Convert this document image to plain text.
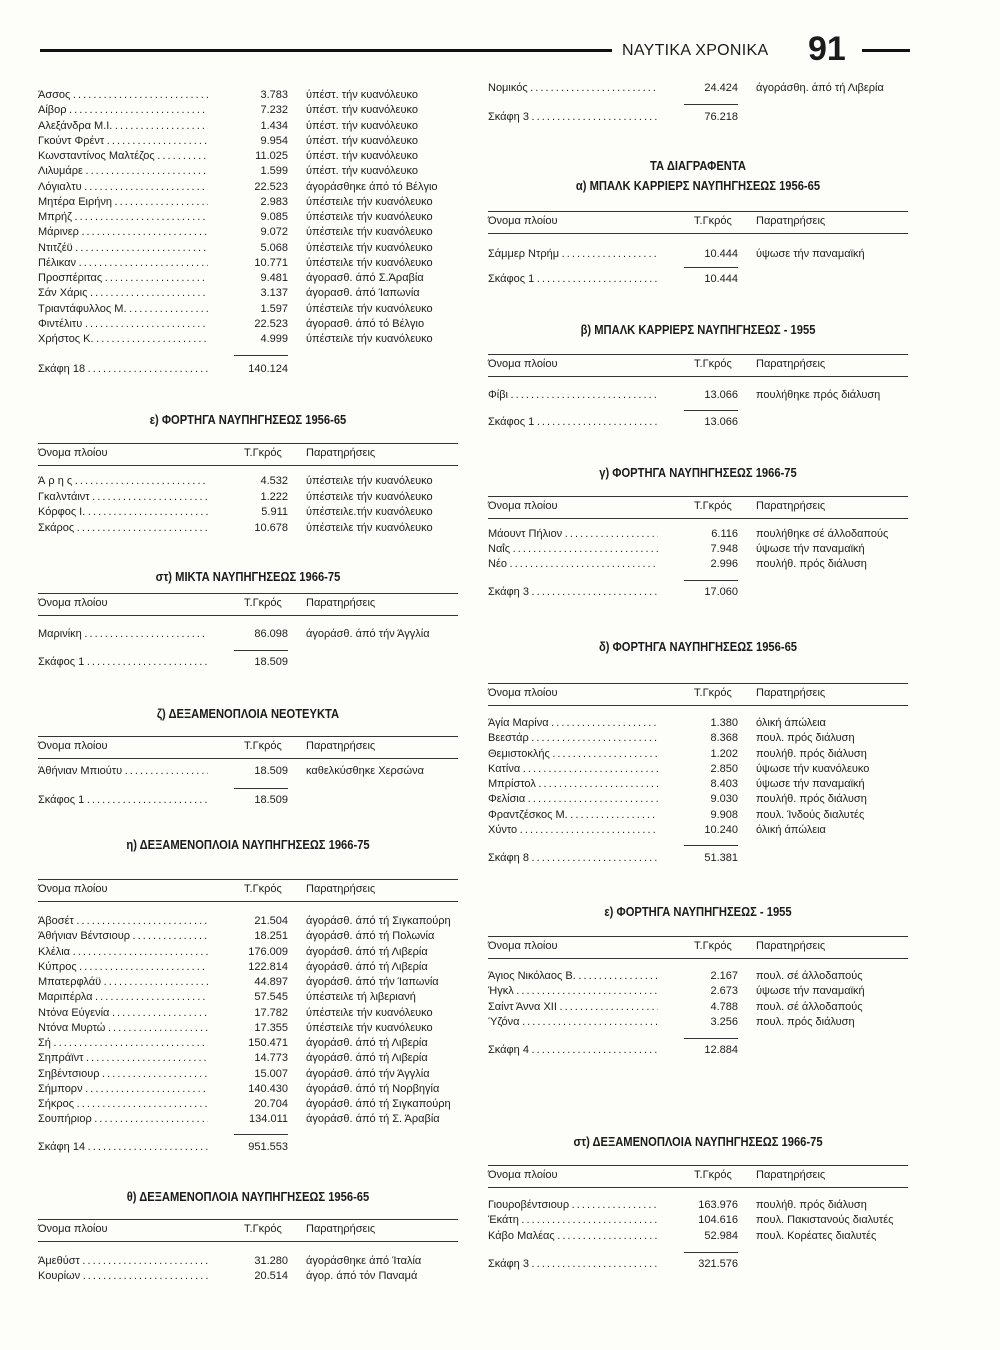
ΝΑΥΤΙΚΑ ΧΡΟΝΙΚΑ 91
Άσσος . . .	3.783 ύπέστ. τήν κυανόλευκο
Αίβορ . . .	7.232 ύπέστ. τήν κυανόλευκο
Αλεξάνδρα Μ.Ι. . . .	1.434 ύπέστ. τήν κυανόλευκο
Γκούντ Φρέντ . . .	9.954 ύπέστ. τήν κυανόλευκο
Κωνσταντίνος Μαλτέζος . . .	11.025 ύπέστ. τήν κυανόλευκο
Λιλυμάρε . . .	1.599 ύπέστ. τήν κυανόλευκο
Λόγιαλτυ . . .	22.523 άγοράσθηκε άπό τό Βέλγιο
Μητέρα Ειρήνη . . .	2.983 ύπέστειλε τήν κυανόλευκο
Μπρήζ . . .	9.085 ύπέστειλε τήν κυανόλευκο
Μάρινερ . . .	9.072 ύπέστειλε τήν κυανόλευκο
Ντιτζέϋ . . .	5.068 ύπέστειλε τήν κυανόλευκο
Πέλικαν . . .	10.771 ύπέστειλε τήν κυανόλευκο
Προσπέριτας . . .	9.481 άγορασθ. άπό Σ.Άραβία
Σάν Χάρις . . .	3.137 άγορασθ. άπό Ίαπωνία
Τριαντάφυλλος Μ. . . .	1.597 ύπέστειλε τήν κυανόλευκο
Φιντέλιτυ . . .	22.523 άγορασθ. άπό τό Βέλγιο
Χρήστος Κ. . . .	4.999 ύπέστειλε τήν κυανόλευκο
Σκάφη 18 . . .	140.124
ε) ΦΟΡΤΗΓΑ ΝΑΥΠΗΓΗΣΕΩΣ 1956-65
Όνομα πλοίου	Τ.Γκρός Παρατηρήσεις
Ά ρ η ς . . .	4.532 ύπέστειλε τήν κυανόλευκο
Γκαλντάιντ . . .	1.222 ύπέστειλε τήν κυανόλευκο
Κόρφος Ι. . . .	5.911 ύπέστειλε.τήν κυανόλευκο
Σκάρος . . .	10.678 ύπέστειλε τήν κυανόλευκο
στ) ΜΙΚΤΑ ΝΑΥΠΗΓΗΣΕΩΣ 1966-75
Όνομα πλοίου	Τ.Γκρός Παρατηρήσεις
Μαρινίκη . . .	86.098 άγοράσθ. άπό τήν Άγγλία
Σκάφος 1 . . .	18.509
ζ) ΔΕΞΑΜΕΝΟΠΛΟΙΑ ΝΕΟΤΕΥΚΤΑ
Όνομα πλοίου	Τ.Γκρός Παρατηρήσεις
Άθήνιαν Μπιούτυ . . .	18.509 καθελκύσθηκε Χερσώνα
Σκάφος 1 . . .	18.509
η) ΔΕΞΑΜΕΝΟΠΛΟΙΑ ΝΑΥΠΗΓΗΣΕΩΣ 1966-75
Όνομα πλοίου	Τ.Γκρός Παρατηρήσεις
Άβοσέτ . . .	21.504 άγοράσθ. άπό τή Σιγκαπούρη
Άθήνιαν Βέντσιουρ . . .	18.251 άγοράσθ. άπό τή Πολωνία
Κλέλια . . .	176.009 άγοράσθ. άπό τή Λιβερία
Κύπρος . . .	122.814 άγοράσθ. άπό τή Λιβερία
Μπατερφλάϋ . . .	44.897 άγοράσθ. άπό τήν Ίαπωνία
Μαριπέρλα . . .	57.545 ύπέστειλε τή λιβεριανή
Ντόνα Εύγενία . . .	17.782 ύπέστειλε τήν κυανόλευκο
Ντόνα Μυρτώ . . .	17.355 ύπέστειλε τήν κυανόλευκο
Σή . . .	150.471 άγοράσθ. άπό τή Λιβερία
Σηπράϊντ . . .	14.773 άγοράσθ. άπό τή Λιβερία
Σηβέντσιουρ . . .	15.007 άγοράσθ. άπό τήν Άγγλία
Σήμπορν . . .	140.430 άγοράσθ. άπό τή Νορβηγία
Σήκρος . . .	20.704 άγοράσθ. άπό τή Σιγκαπούρη
Σουπήριορ . . .	134.011 άγοράσθ. άπό τή Σ. Άραβία
Σκάφη 14 . . .	951.553
θ) ΔΕΞΑΜΕΝΟΠΛΟΙΑ ΝΑΥΠΗΓΗΣΕΩΣ 1956-65
Όνομα πλοίου	Τ.Γκρός Παρατηρήσεις
Άμεθύστ . . .	31.280 άγοράσθηκε άπό Ίταλία
Κουρίων . . .	20.514 άγορ. άπό τόν Παναμά
Νομικός . . .	24.424 άγοράσθη. άπό τή Λιβερία
Σκάφη 3 . . .	76.218
ΤΑ ΔΙΑΓΡΑΦΕΝΤΑ
α) ΜΠΑΛΚ ΚΑΡΡΙΕΡΣ ΝΑΥΠΗΓΗΣΕΩΣ 1956-65
Όνομα πλοίου	Τ.Γκρός Παρατηρήσεις
Σάμμερ Ντρήμ . . .	10.444 ύψωσε τήν παναμαϊκή
Σκάφος 1 . . .	10.444
β) ΜΠΑΛΚ ΚΑΡΡΙΕΡΣ ΝΑΥΠΗΓΗΣΕΩΣ - 1955
Όνομα πλοίου	Τ.Γκρός Παρατηρήσεις
Φίβι . . .	13.066 πουλήθηκε πρός διάλυση
Σκάφος 1 . . .	13.066
γ) ΦΟΡΤΗΓΑ ΝΑΥΠΗΓΗΣΕΩΣ 1966-75
Όνομα πλοίου	Τ.Γκρός Παρατηρήσεις
Μάουντ Πήλιον . . .	6.116 πουλήθηκε σέ άλλοδαπούς
Ναΐς . . .	7.948 ύψωσε τήν παναμαϊκή
Νέο . . .	2.996 πουλήθ. πρός διάλυση
Σκάφη 3 . . .	17.060
δ) ΦΟΡΤΗΓΑ ΝΑΥΠΗΓΗΣΕΩΣ 1956-65
Όνομα πλοίου	Τ.Γκρός Παρατηρήσεις
Άγία Μαρίνα . . .	1.380 όλική άπώλεια
Βεεστάρ . . .	8.368 πουλ. πρός διάλυση
Θεμιστοκλής . . .	1.202 πουλήθ. πρός διάλυση
Κατίνα . . .	2.850 ύψωσε τήν κυανόλευκο
Μπρίστολ . . .	8.403 ύψωσε τήν παναμαϊκή
Φελίσια . . .	9.030 πουλήθ. πρός διάλυση
Φραντζέσκος Μ. . . .	9.908 πουλ. Ίνδούς διαλυτές
Χύντο . . .	10.240 όλική άπώλεια
Σκάφη 8 . . .	51.381
ε) ΦΟΡΤΗΓΑ ΝΑΥΠΗΓΗΣΕΩΣ - 1955
Όνομα πλοίου	Τ.Γκρός Παρατηρήσεις
Άγιος Νικόλαος Β. . . .	2.167 πουλ. σέ άλλοδαπούς
Ήγκλ . . .	2.673 ύψωσε τήν παναμαϊκή
Σαίντ Άννα XII . . .	4.788 πουλ. σέ άλλοδαπούς
Ύζόνα . . .	3.256 πουλ. πρός διάλυση
Σκάφη 4 . . .	12.884
στ) ΔΕΞΑΜΕΝΟΠΛΟΙΑ ΝΑΥΠΗΓΗΣΕΩΣ 1966-75
Όνομα πλοίου	Τ.Γκρός Παρατηρήσεις
Γιουροβέντσιουρ . . .	163.976 πουλήθ. πρός διάλυση
Έκάτη . . .	104.616 πουλ. Πακιστανούς διαλυτές
Κάβο Μαλέας . . .	52.984 πουλ. Κορέατες διαλυτές
Σκάφη 3 . . .	321.576
